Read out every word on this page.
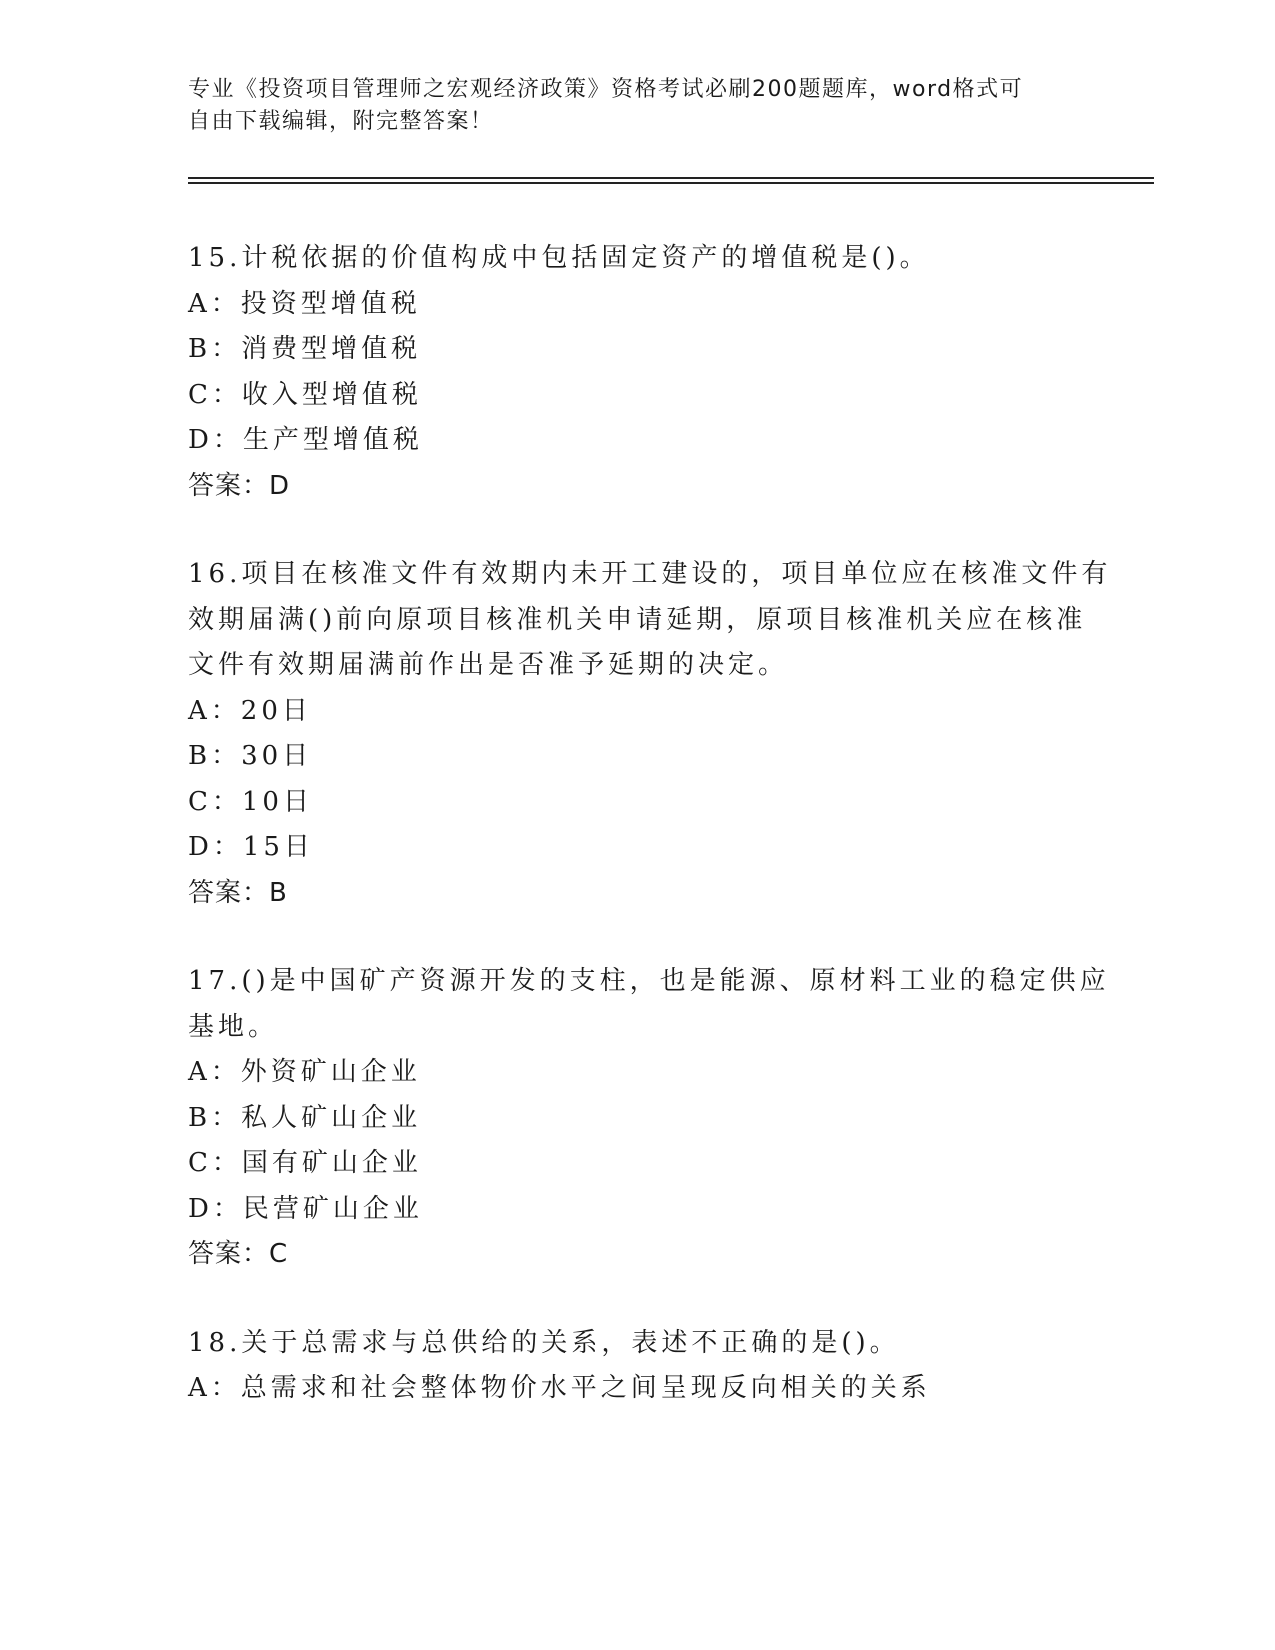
专业《投资项目管理师之宏观经济政策》资格考试必刷200题题库，word格式可
自由下载编辑，附完整答案！
15.计税依据的价值构成中包括固定资产的增值税是()。
A：投资型增值税
B：消费型增值税
C：收入型增值税
D：生产型增值税
答案：D
16.项目在核准文件有效期内未开工建设的，项目单位应在核准文件有
效期届满()前向原项目核准机关申请延期，原项目核准机关应在核准
文件有效期届满前作出是否准予延期的决定。
A：20日
B：30日
C：10日
D：15日
答案：B
17.()是中国矿产资源开发的支柱，也是能源、原材料工业的稳定供应
基地。
A：外资矿山企业
B：私人矿山企业
C：国有矿山企业
D：民营矿山企业
答案：C
18.关于总需求与总供给的关系，表述不正确的是()。
A：总需求和社会整体物价水平之间呈现反向相关的关系
